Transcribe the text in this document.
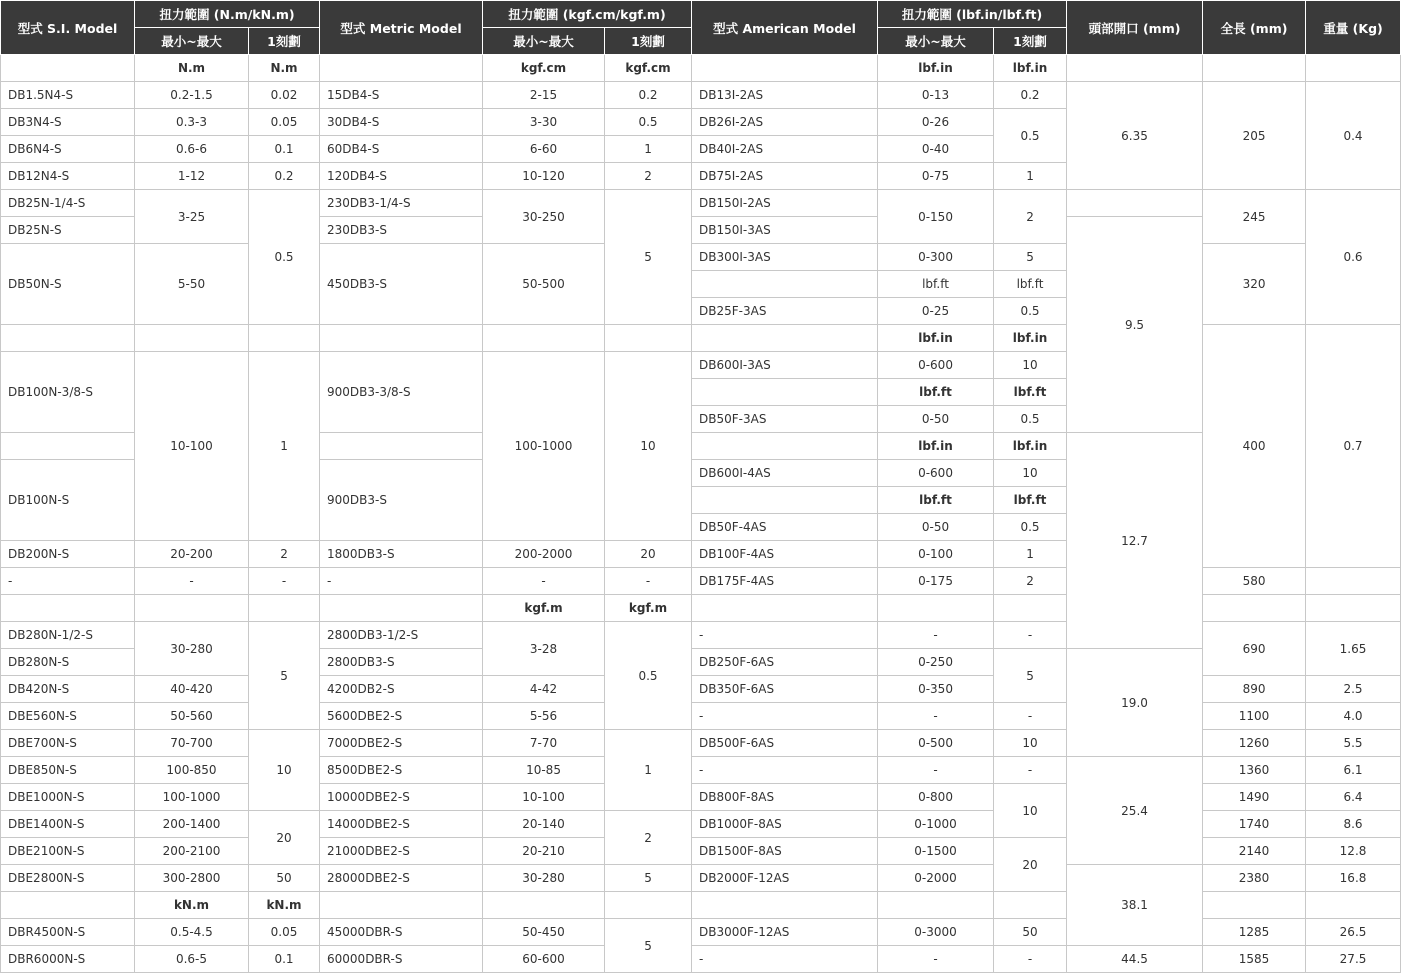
型式 S.I. Model	扭力範圍 (N.m/kN.m)		型式 Metric Model	扭力範圍 (kgf.cm/kgf.m)		型式 American Model	扭力範圍 (lbf.in/lbf.ft)		頭部開口 (mm)	全長 (mm)	重量 (Kg)	
	最小~最大	1刻劃		最小~最大	1刻劃		最小~最大	1刻劃				
	N.m	N.m		kgf.cm	kgf.cm		lbf.in	lbf.in				
DB1.5N4-S	0.2-1.5	0.02	15DB4-S	2-15	0.2	DB13I-2AS	0-13	0.2	6.35	205	0.4	
DB3N4-S	0.3-3	0.05	30DB4-S	3-30	0.5	DB26I-2AS	0-26	0.5				
DB6N4-S	0.6-6	0.1	60DB4-S	6-60	1	DB40I-2AS	0-40					
DB12N4-S	1-12	0.2	120DB4-S	10-120	2	DB75I-2AS	0-75	1				
DB25N-1/4-S	3-25	0.5	230DB3-1/4-S	30-250	5	DB150I-2AS	0-150	2		245	0.6	
DB25N-S			230DB3-S			DB150I-3AS			9.5			
DB50N-S	5-50		450DB3-S	50-500		DB300I-3AS	0-300	5		320		
							lbf.ft	lbf.ft				
						DB25F-3AS	0-25	0.5				
							lbf.in	lbf.in		400	0.7	
DB100N-3/8-S	10-100	1	900DB3-3/8-S	100-1000	10	DB600I-3AS	0-600	10				
							lbf.ft	lbf.ft				
						DB50F-3AS	0-50	0.5				
							lbf.in	lbf.in	12.7			
DB100N-S			900DB3-S			DB600I-4AS	0-600	10				
							lbf.ft	lbf.ft				
						DB50F-4AS	0-50	0.5				
DB200N-S	20-200	2	1800DB3-S	200-2000	20	DB100F-4AS	0-100	1		
-	-	-	-	-	-	DB175F-4AS	0-175	2		580		
				kgf.m	kgf.m							
DB280N-1/2-S	30-280	5	2800DB3-1/2-S	3-28	0.5	-	-	-		690	1.65	
DB280N-S			2800DB3-S			DB250F-6AS	0-250	5	19.0			
DB420N-S	40-420		4200DB2-S	4-42		DB350F-6AS	0-350			890	2.5	
DBE560N-S	50-560		5600DBE2-S	5-56		-	-	-		1100	4.0	
DBE700N-S	70-700	10	7000DBE2-S	7-70	1	DB500F-6AS	0-500	10		1260	5.5	
DBE850N-S	100-850		8500DBE2-S	10-85		-	-	-	25.4	1360	6.1	
DBE1000N-S	100-1000		10000DBE2-S	10-100		DB800F-8AS	0-800	10		1490	6.4	
DBE1400N-S	200-1400	20	14000DBE2-S	20-140	2	DB1000F-8AS	0-1000			1740	8.6	
DBE2100N-S	200-2100		21000DBE2-S	20-210		DB1500F-8AS	0-1500	20		2140	12.8	
DBE2800N-S	300-2800	50	28000DBE2-S	30-280	5	DB2000F-12AS	0-2000		38.1	2380	16.8	
	kN.m	kN.m										
DBR4500N-S	0.5-4.5	0.05	45000DBR-S	50-450	5	DB3000F-12AS	0-3000	50		1285	26.5	
DBR6000N-S	0.6-5	0.1	60000DBR-S	60-600		-	-	-	44.5	1585	27.5	
